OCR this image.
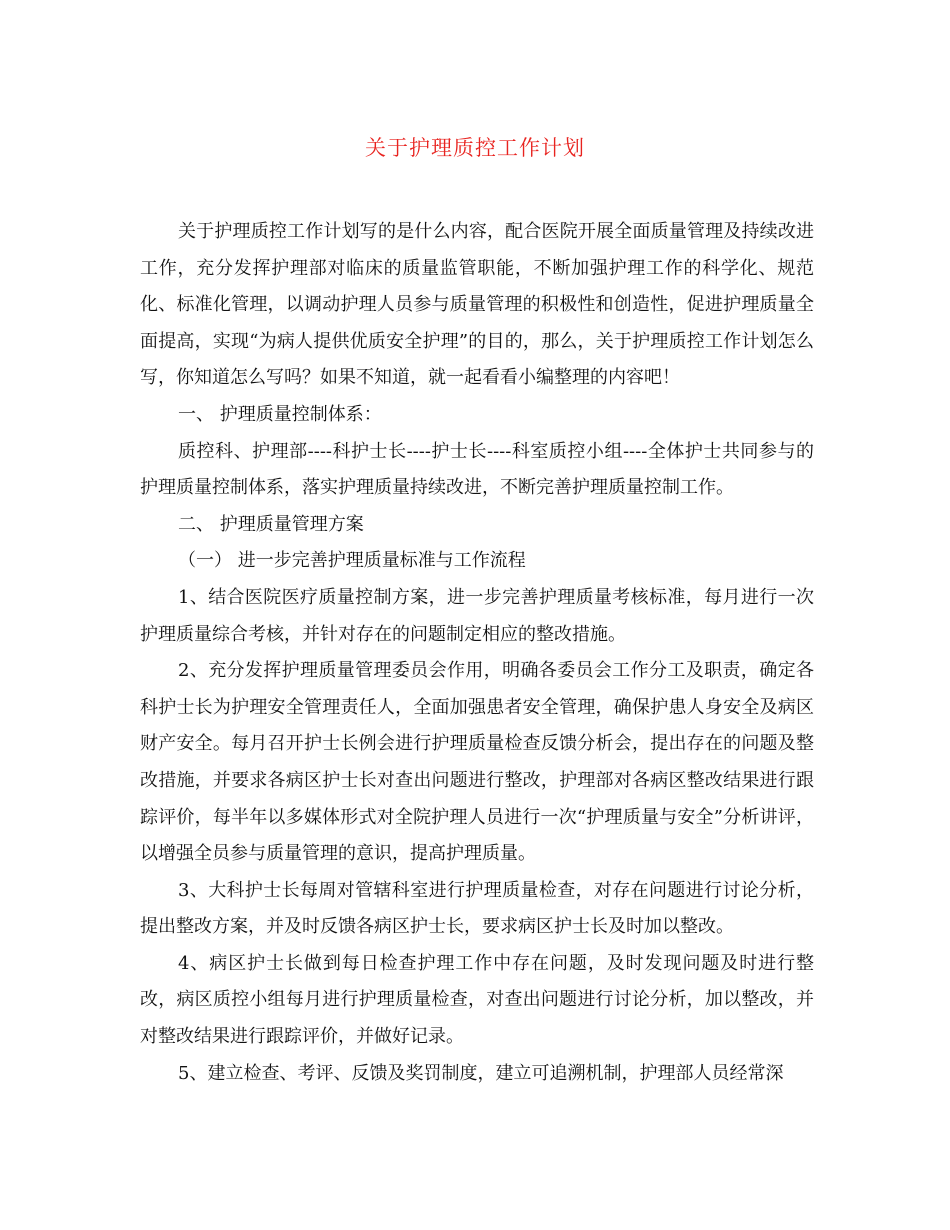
关于护理质控工作计划

关于护理质控工作计划写的是什么内容，配合医院开展全面质量管理及持续改进工作，充分发挥护理部对临床的质量监管职能，不断加强护理工作的科学化、规范化、标准化管理，以调动护理人员参与质量管理的积极性和创造性，促进护理质量全面提高，实现“为病人提供优质安全护理”的目的，那么，关于护理质控工作计划怎么写，你知道怎么写吗？如果不知道，就一起看看小编整理的内容吧！

一、 护理质量控制体系：

质控科、护理部----科护士长----护士长----科室质控小组----全体护士共同参与的护理质量控制体系，落实护理质量持续改进，不断完善护理质量控制工作。

二、 护理质量管理方案

（一） 进一步完善护理质量标准与工作流程

1、结合医院医疗质量控制方案，进一步完善护理质量考核标准，每月进行一次护理质量综合考核，并针对存在的问题制定相应的整改措施。

2、充分发挥护理质量管理委员会作用，明确各委员会工作分工及职责，确定各科护士长为护理安全管理责任人，全面加强患者安全管理，确保护患人身安全及病区财产安全。每月召开护士长例会进行护理质量检查反馈分析会，提出存在的问题及整改措施，并要求各病区护士长对查出问题进行整改，护理部对各病区整改结果进行跟踪评价，每半年以多媒体形式对全院护理人员进行一次“护理质量与安全”分析讲评，以增强全员参与质量管理的意识，提高护理质量。

3、大科护士长每周对管辖科室进行护理质量检查，对存在问题进行讨论分析，提出整改方案，并及时反馈各病区护士长，要求病区护士长及时加以整改。

4、病区护士长做到每日检查护理工作中存在问题，及时发现问题及时进行整改，病区质控小组每月进行护理质量检查，对查出问题进行讨论分析，加以整改，并对整改结果进行跟踪评价，并做好记录。

5、建立检查、考评、反馈及奖罚制度，建立可追溯机制，护理部人员经常深
